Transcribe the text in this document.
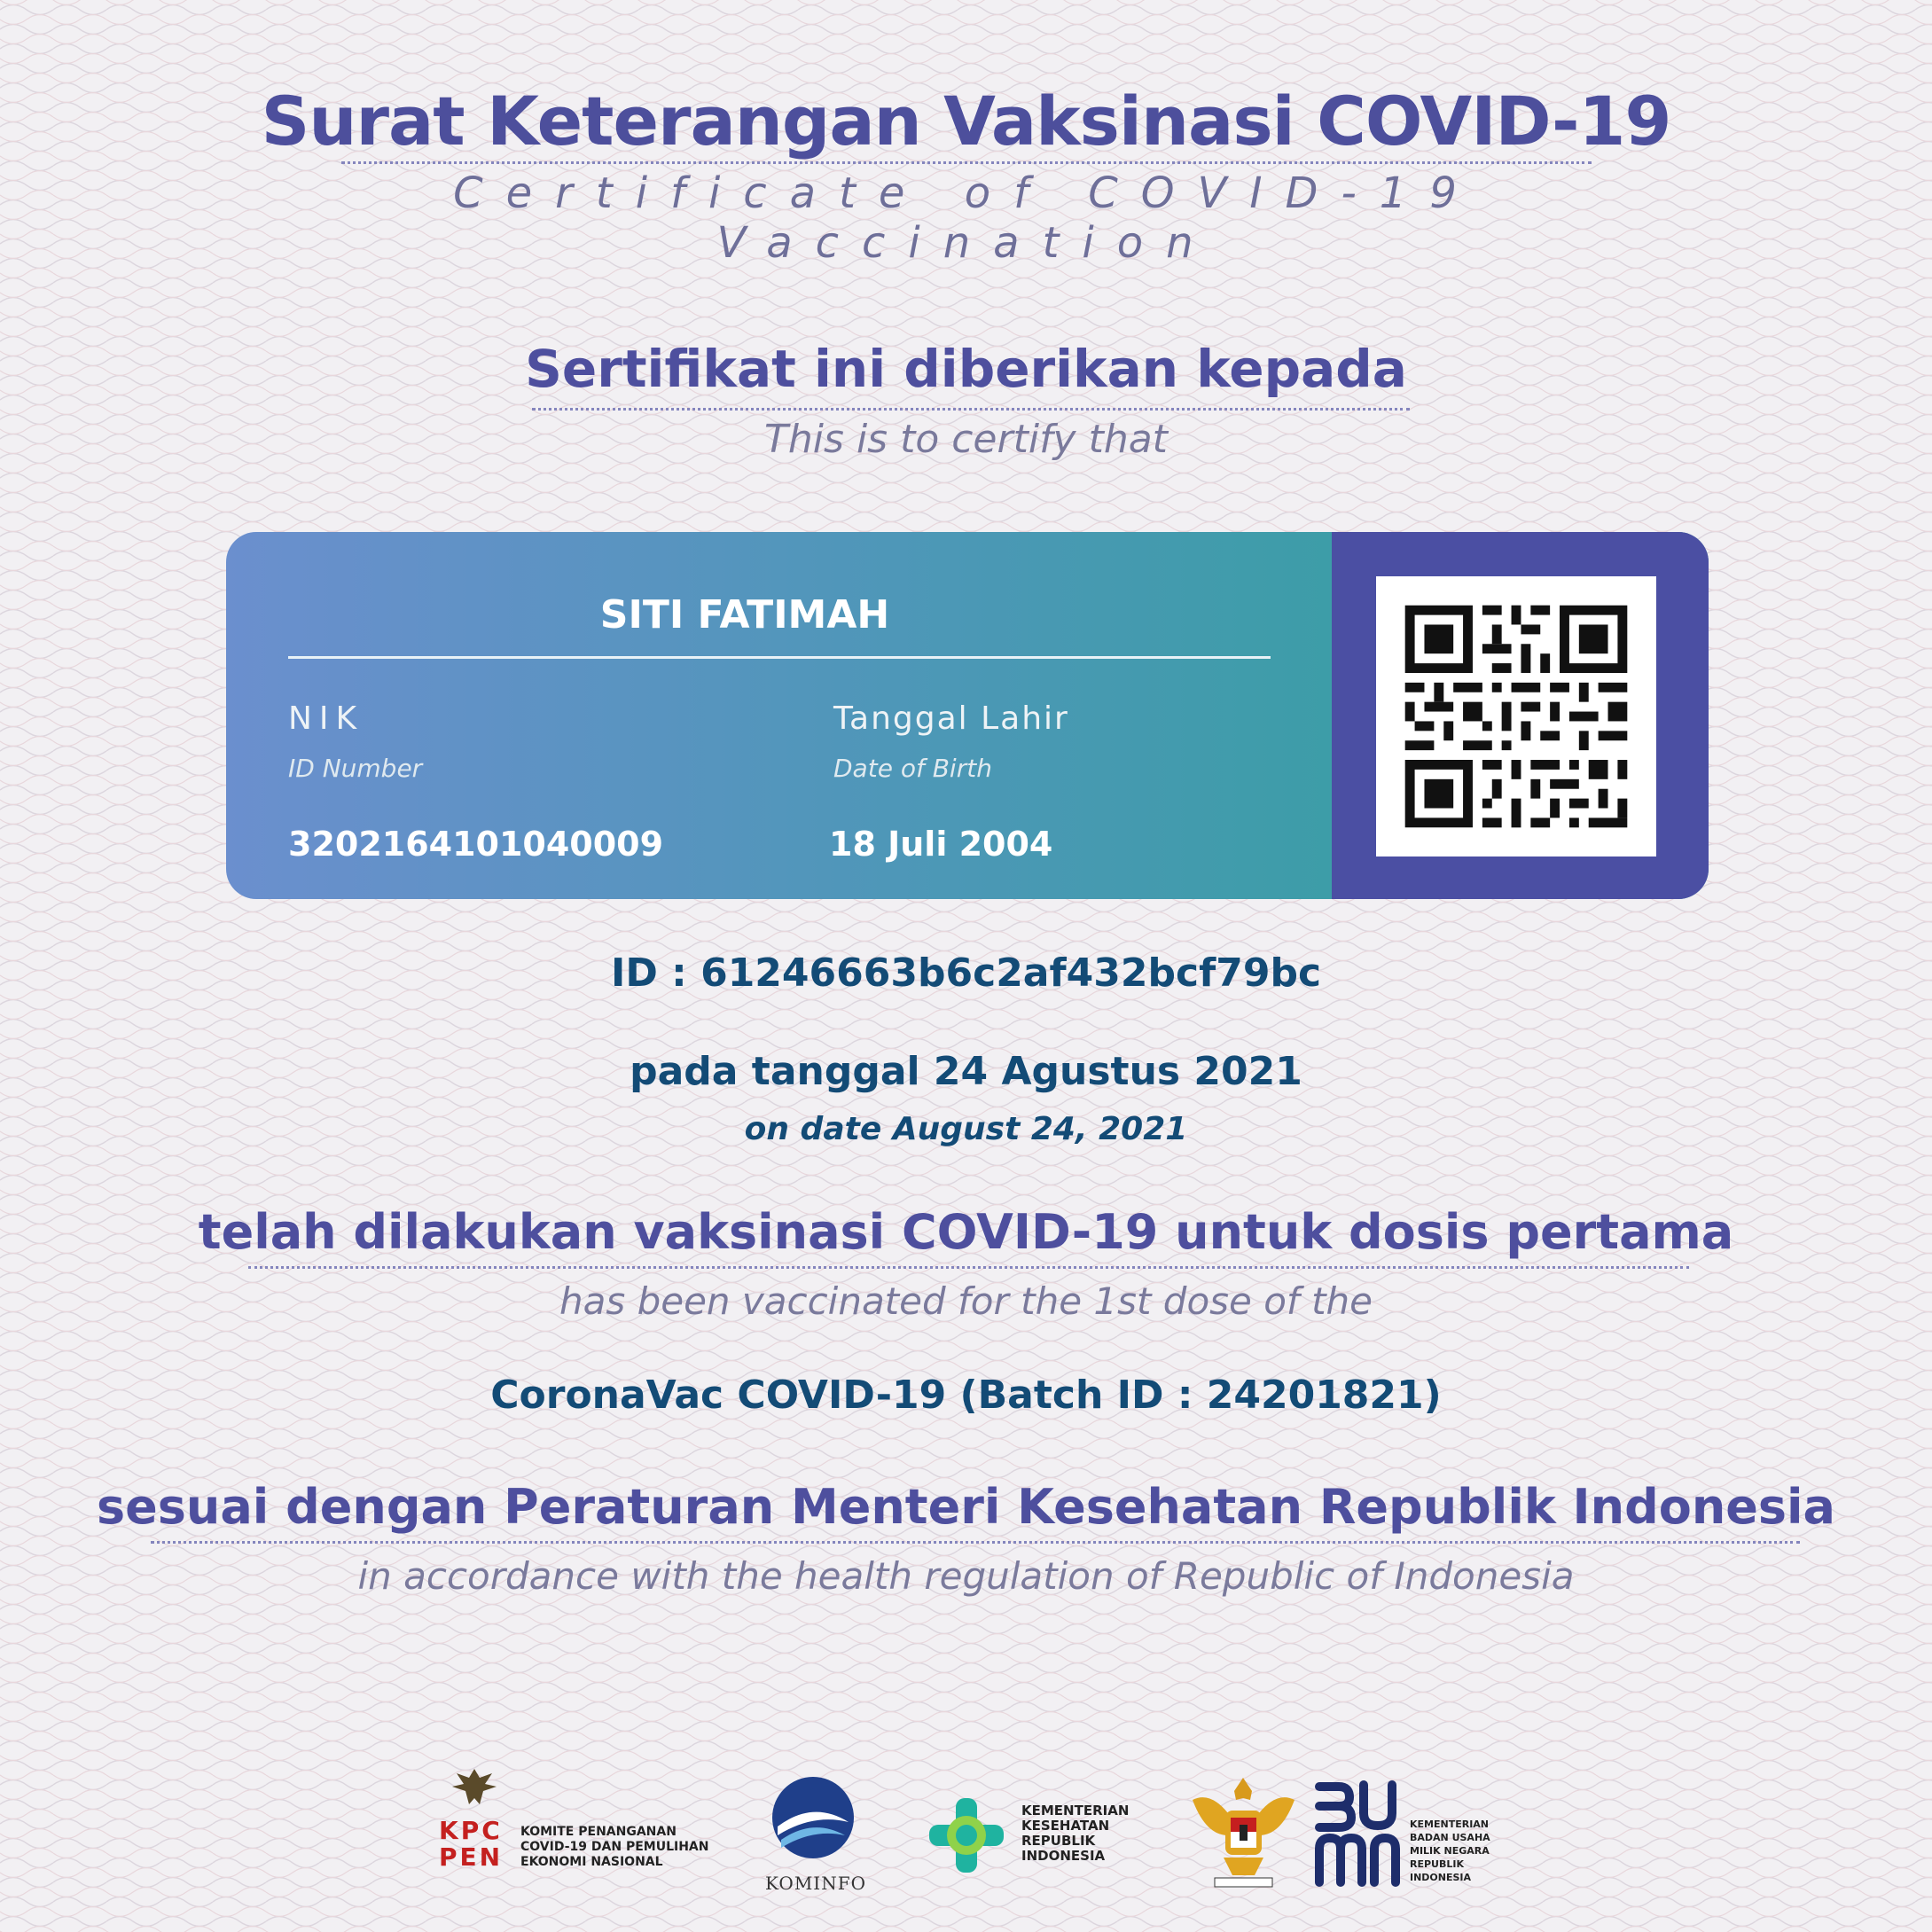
Surat Keterangan Vaksinasi COVID-19
Certificate of COVID-19 Vaccination
Sertifikat ini diberikan kepada
This is to certify that
SITI FATIMAH
NIK
ID Number
3202164101040009
Tanggal Lahir
Date of Birth
18 Juli 2004
ID : 61246663b6c2af432bcf79bc
pada tanggal 24 Agustus 2021
on date August 24, 2021
telah dilakukan vaksinasi COVID-19 untuk dosis pertama
has been vaccinated for the 1st dose of the
CoronaVac COVID-19 (Batch ID : 24201821)
sesuai dengan Peraturan Menteri Kesehatan Republik Indonesia
in accordance with the health regulation of Republic of Indonesia
KPC PEN
KOMITE PENANGANAN
COVID-19 DAN PEMULIHAN
EKONOMI NASIONAL
KOMINFO
KEMENTERIAN
KESEHATAN
REPUBLIK
INDONESIA
KEMENTERIAN
BADAN USAHA
MILIK NEGARA
REPUBLIK
INDONESIA
